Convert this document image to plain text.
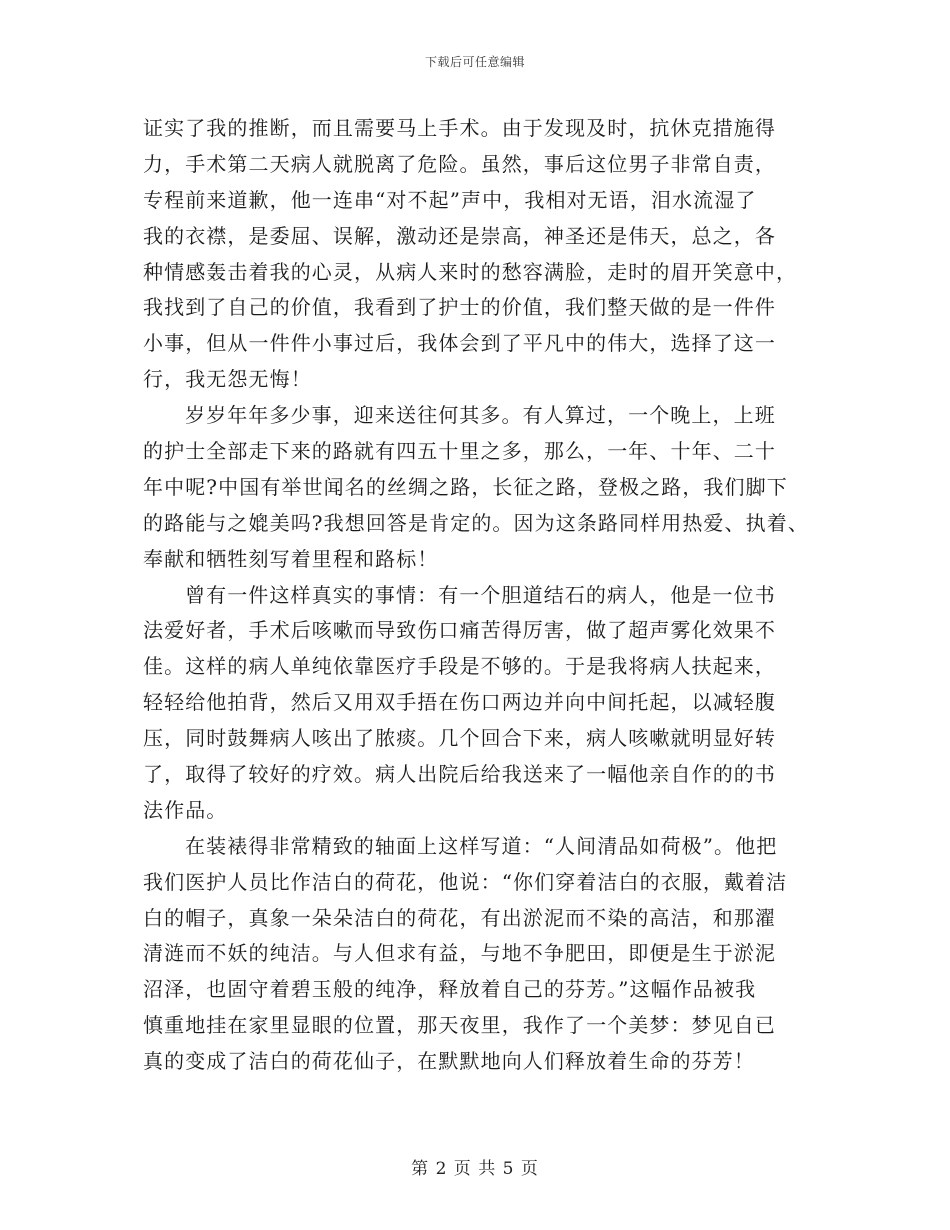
下载后可任意编辑
证实了我的推断，而且需要马上手术。由于发现及时，抗休克措施得
力，手术第二天病人就脱离了危险。虽然，事后这位男子非常自责，
专程前来道歉，他一连串“对不起”声中，我相对无语，泪水流湿了
我的衣襟，是委屈、误解，激动还是崇高，神圣还是伟天，总之，各
种情感轰击着我的心灵，从病人来时的愁容满脸，走时的眉开笑意中，
我找到了自己的价值，我看到了护士的价值，我们整天做的是一件件
小事，但从一件件小事过后，我体会到了平凡中的伟大，选择了这一
行，我无怨无悔！
岁岁年年多少事，迎来送往何其多。有人算过，一个晚上，上班
的护士全部走下来的路就有四五十里之多，那么，一年、十年、二十
年中呢?中国有举世闻名的丝绸之路，长征之路，登极之路，我们脚下
的路能与之媲美吗?我想回答是肯定的。因为这条路同样用热爱、执着、
奉献和牺牲刻写着里程和路标！
曾有一件这样真实的事情：有一个胆道结石的病人，他是一位书
法爱好者，手术后咳嗽而导致伤口痛苦得厉害，做了超声雾化效果不
佳。这样的病人单纯依靠医疗手段是不够的。于是我将病人扶起来，
轻轻给他拍背，然后又用双手捂在伤口两边并向中间托起，以减轻腹
压，同时鼓舞病人咳出了脓痰。几个回合下来，病人咳嗽就明显好转
了，取得了较好的疗效。病人出院后给我送来了一幅他亲自作的的书
法作品。
在装裱得非常精致的轴面上这样写道：“人间清品如荷极”。他把
我们医护人员比作洁白的荷花，他说：“你们穿着洁白的衣服，戴着洁
白的帽子，真象一朵朵洁白的荷花，有出淤泥而不染的高洁，和那濯
清涟而不妖的纯洁。与人但求有益，与地不争肥田，即便是生于淤泥
沼泽，也固守着碧玉般的纯净，释放着自己的芬芳。”这幅作品被我
慎重地挂在家里显眼的位置，那天夜里，我作了一个美梦：梦见自已
真的变成了洁白的荷花仙子，在默默地向人们释放着生命的芬芳！
第 2 页 共 5 页
